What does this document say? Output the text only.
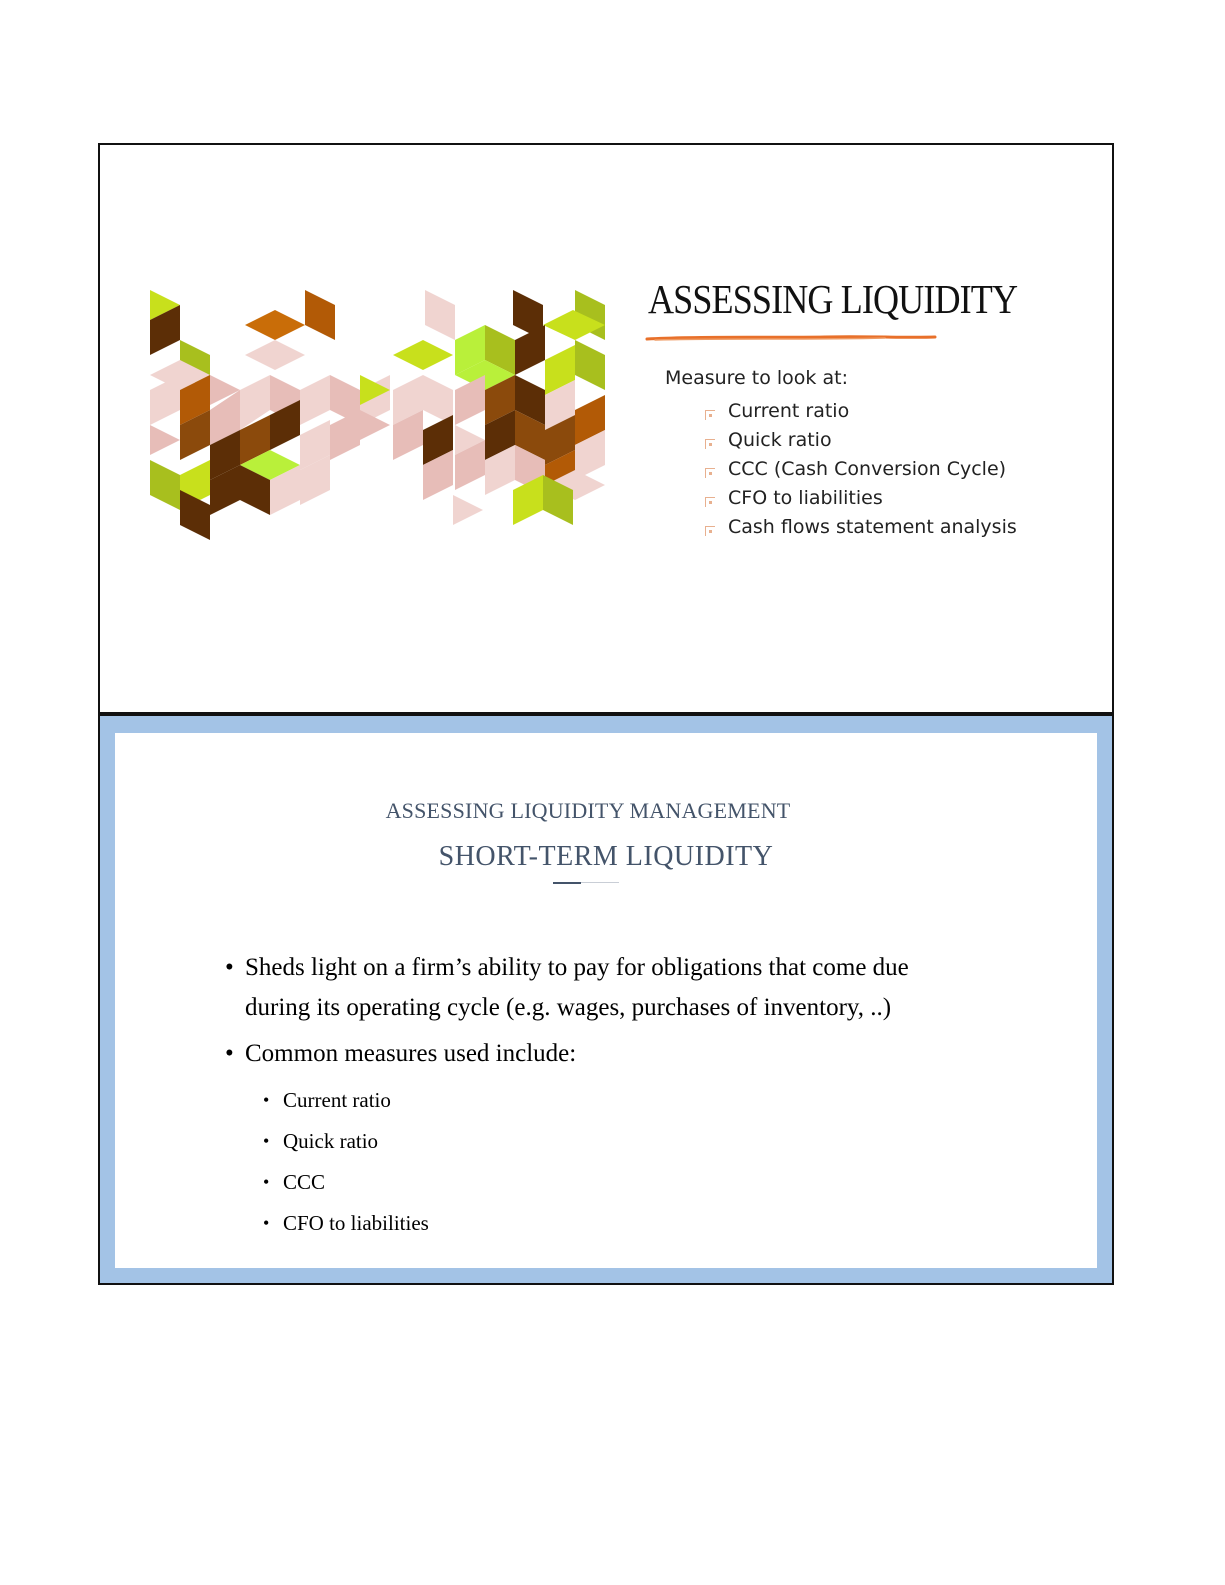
ASSESSING LIQUIDITY
Measure to look at:
Current ratio
Quick ratio
CCC (Cash Conversion Cycle)
CFO to liabilities
Cash flows statement analysis
ASSESSING LIQUIDITY MANAGEMENT
SHORT-TERM LIQUIDITY
• Sheds light on a firm’s ability to pay for obligations that come due
during its operating cycle (e.g. wages, purchases of inventory, ..)
• Common measures used include:
• Current ratio
• Quick ratio
• CCC
• CFO to liabilities
